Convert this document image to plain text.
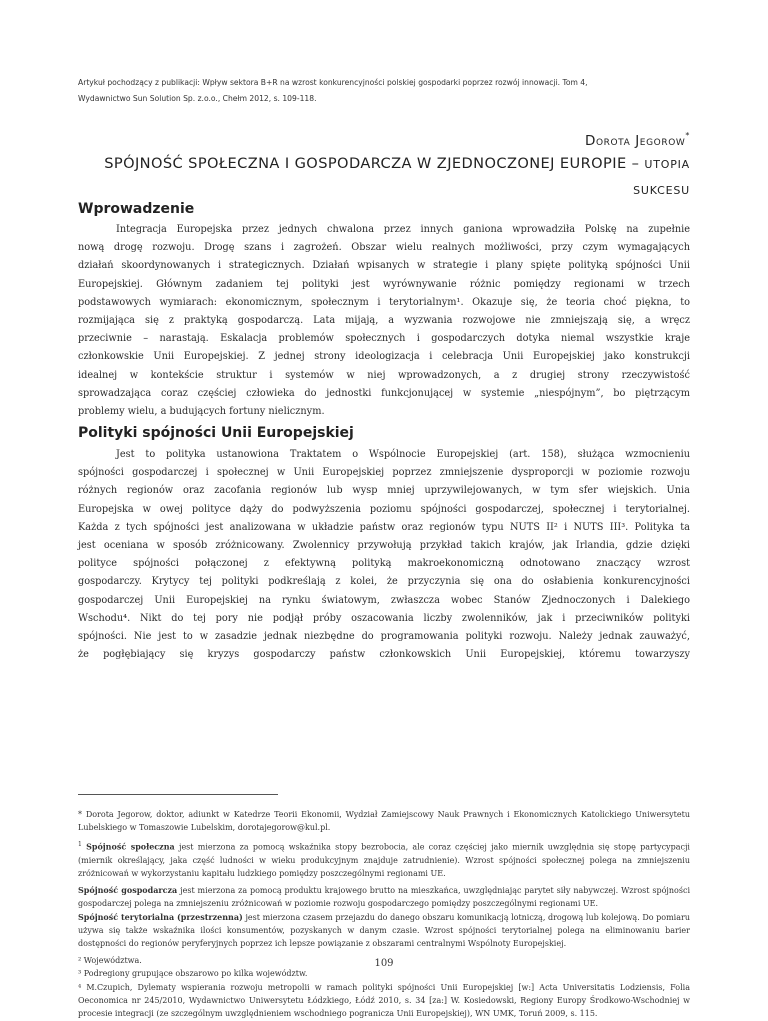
Artykuł pochodzący z publikacji: Wpływ sektora B+R na wzrost konkurencyjności polskiej gospodarki poprzez rozwój innowacji. Tom 4,
Wydawnictwo Sun Solution Sp. z.o.o., Chełm 2012, s. 109-118.
Dorota Jegorow*
SPÓJNOŚĆ SPOŁECZNA I GOSPODARCZA W ZJEDNOCZONEJ EUROPIE – UTOPIA
SUKCESU
Wprowadzenie
Integracja Europejska przez jednych chwalona przez innych ganiona wprowadziła Polskę na zupełnie
nową drogę rozwoju. Drogę szans i zagrożeń. Obszar wielu realnych możliwości, przy czym wymagających
działań skoordynowanych i strategicznych. Działań wpisanych w strategie i plany spięte polityką spójności Unii
Europejskiej. Głównym zadaniem tej polityki jest wyrównywanie różnic pomiędzy regionami w trzech
podstawowych wymiarach: ekonomicznym, społecznym i terytorialnym¹. Okazuje się, że teoria choć piękna, to
rozmijająca się z praktyką gospodarczą. Lata mijają, a wyzwania rozwojowe nie zmniejszają się, a wręcz
przeciwnie – narastają. Eskalacja problemów społecznych i gospodarczych dotyka niemal wszystkie kraje
członkowskie Unii Europejskiej. Z jednej strony ideologizacja i celebracja Unii Europejskiej jako konstrukcji
idealnej w kontekście struktur i systemów w niej wprowadzonych, a z drugiej strony rzeczywistość
sprowadzająca coraz częściej człowieka do jednostki funkcjonującej w systemie „niespójnym”, bo piętrzącym
problemy wielu, a budujących fortuny nielicznym.
Polityki spójności Unii Europejskiej
Jest to polityka ustanowiona Traktatem o Wspólnocie Europejskiej (art. 158), służąca wzmocnieniu
spójności gospodarczej i społecznej w Unii Europejskiej poprzez zmniejszenie dysproporcji w poziomie rozwoju
różnych regionów oraz zacofania regionów lub wysp mniej uprzywilejowanych, w tym sfer wiejskich. Unia
Europejska w owej polityce dąży do podwyższenia poziomu spójności gospodarczej, społecznej i terytorialnej.
Każda z tych spójności jest analizowana w układzie państw oraz regionów typu NUTS II² i NUTS III³. Polityka ta
jest oceniana w sposób zróżnicowany. Zwolennicy przywołują przykład takich krajów, jak Irlandia, gdzie dzięki
polityce spójności połączonej z efektywną polityką makroekonomiczną odnotowano znaczący wzrost
gospodarczy. Krytycy tej polityki podkreślają z kolei, że przyczynia się ona do osłabienia konkurencyjności
gospodarczej Unii Europejskiej na rynku światowym, zwłaszcza wobec Stanów Zjednoczonych i Dalekiego
Wschodu⁴. Nikt do tej pory nie podjął próby oszacowania liczby zwolenników, jak i przeciwników polityki
spójności. Nie jest to w zasadzie jednak niezbędne do programowania polityki rozwoju. Należy jednak zauważyć,
że pogłębiający się kryzys gospodarczy państw członkowskich Unii Europejskiej, któremu towarzyszy

* Dorota Jegorow, doktor, adiunkt w Katedrze Teorii Ekonomii, Wydział Zamiejscowy Nauk Prawnych i Ekonomicznych Katolickiego Uniwersytetu Lubelskiego w Tomaszowie Lubelskim, dorotajegorow@kul.pl.

$^1$ Spójność społeczna jest mierzona za pomocą wskaźnika stopy bezrobocia, ale coraz częściej jako miernik uwzględnia się stopę partycypacji (miernik określający, jaka część ludności w wieku produkcyjnym znajduje zatrudnienie). Wzrost spójności społecznej polega na zmniejszeniu zróżnicowań w wykorzystaniu kapitału ludzkiego pomiędzy poszczególnymi regionami UE.

Spójność gospodarcza jest mierzona za pomocą produktu krajowego brutto na mieszkańca, uwzględniając parytet siły nabywczej. Wzrost spójności gospodarczej polega na zmniejszeniu zróżnicowań w poziomie rozwoju gospodarczego pomiędzy poszczególnymi regionami UE.

Spójność terytorialna (przestrzenna) jest mierzona czasem przejazdu do danego obszaru komunikacją lotniczą, drogową lub kolejową. Do pomiaru używa się także wskaźnika ilości konsumentów, pozyskanych w danym czasie. Wzrost spójności terytorialnej polega na eliminowaniu barier dostępności do regionów peryferyjnych poprzez ich lepsze powiązanie z obszarami centralnymi Wspólnoty Europejskiej.

² Województwa.

³ Podregiony grupujące obszarowo po kilka województw.

⁴ M.Czupich, Dylematy wspierania rozwoju metropolii w ramach polityki spójności Unii Europejskiej [w:] Acta Universitatis Lodziensis, Folia Oeconomica nr 245/2010, Wydawnictwo Uniwersytetu Łódzkiego, Łódź 2010, s. 34 [za:] W. Kosiedowski, Regiony Europy Środkowo-Wschodniej w procesie integracji (ze szczególnym uwzględnieniem wschodniego pogranicza Unii Europejskiej), WN UMK, Toruń 2009, s. 115.

109
